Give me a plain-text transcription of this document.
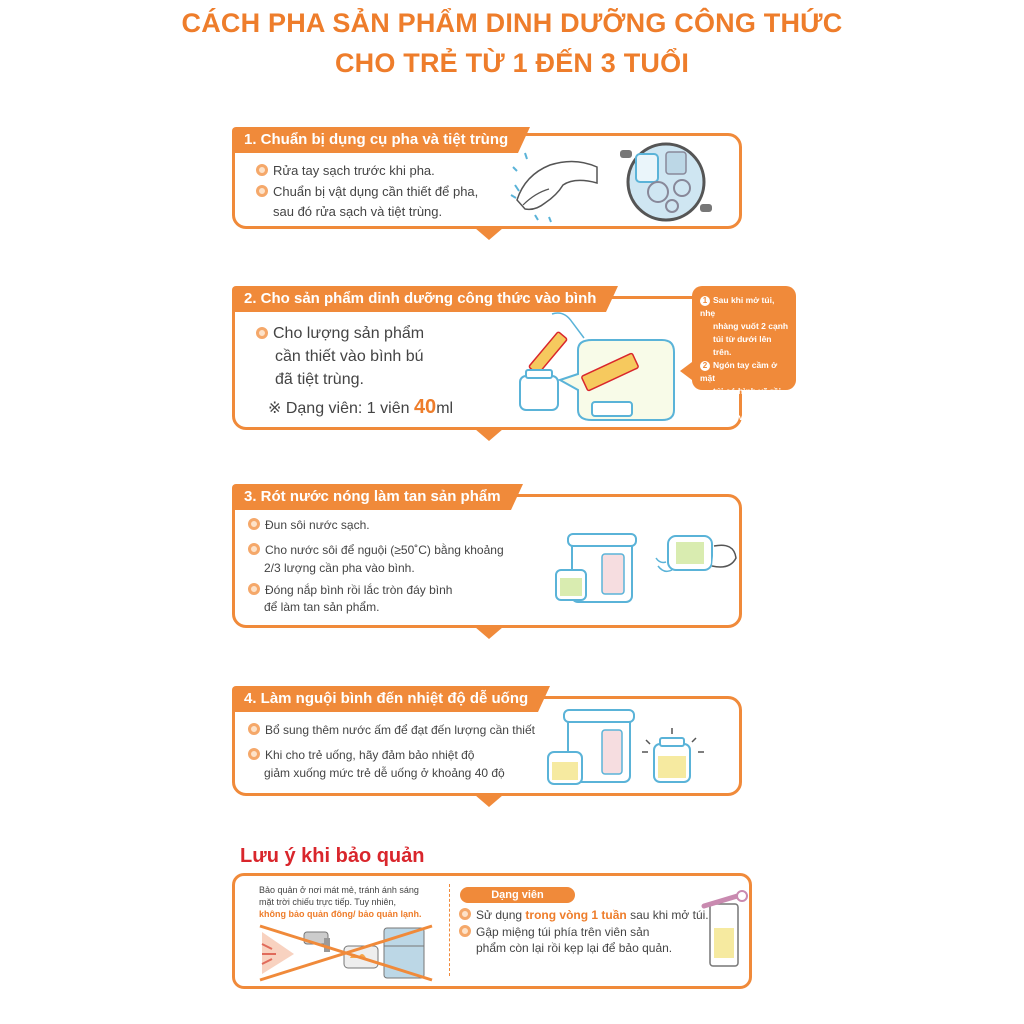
CÁCH PHA SẢN PHẨM DINH DƯỠNG CÔNG THỨC
CHO TRẺ TỪ 1 ĐẾN 3 TUỔI
1. Chuẩn bị dụng cụ pha và tiệt trùng
Rửa tay sạch trước khi pha.
Chuẩn bị vật dụng cần thiết để pha,
sau đó rửa sạch và tiệt trùng.
2. Cho sản phẩm dinh dưỡng công thức vào bình
Cho lượng sản phẩm
cần thiết vào bình bú
đã tiệt trùng.
※ Dạng viên: 1 viên 40ml
1 Sau khi mở túi, nhẹ
nhàng vuốt 2 cạnh
túi từ dưới lên trên.
2 Ngón tay cầm ở mặt
túi có hình vẽ rồi dốc
thẳng vào bình.
3. Rót nước nóng làm tan sản phẩm
Đun sôi nước sạch.
Cho nước sôi để nguội (≥50˚C) bằng khoảng
2/3 lượng cần pha vào bình.
Đóng nắp bình rồi lắc tròn đáy bình
để làm tan sản phẩm.
4. Làm nguội bình đến nhiệt độ dễ uống
Bổ sung thêm nước ấm để đạt đến lượng cần thiết
Khi cho trẻ uống, hãy đảm bảo nhiệt độ
giảm xuống mức trẻ dễ uống ở khoảng 40 độ
Lưu ý khi bảo quản
Bảo quản ở nơi mát mẻ, tránh ánh sáng
mặt trời chiếu trực tiếp. Tuy nhiên,
không bảo quản đông/ bảo quản lạnh.
Dạng viên
Sử dụng trong vòng 1 tuần sau khi mở túi.
Gập miệng túi phía trên viên sản
phẩm còn lại rồi kẹp lại để bảo quản.
